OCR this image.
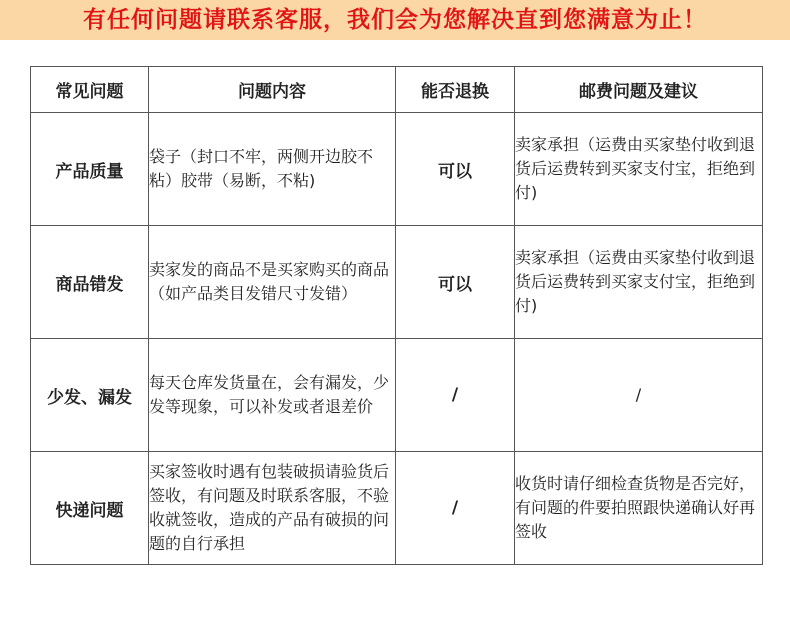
有任何问题请联系客服，我们会为您解决直到您满意为止！
常见问题	问题内容	能否退换	邮费问题及建议
产品质量	袋子（封口不牢，两侧开边胶不粘）胶带（易断，不粘)	可以	卖家承担（运费由买家垫付收到退货后运费转到买家支付宝，拒绝到付)

商品错发	卖家发的商品不是买家购买的商品（如产品类目发错尺寸发错）	可以	卖家承担（运费由买家垫付收到退货后运费转到买家支付宝，拒绝到付)

少发、漏发	每天仓库发货量在，会有漏发，少发等现象，可以补发或者退差价	/	/

快递问题	买家签收时遇有包装破损请验货后签收，有问题及时联系客服，不验收就签收，造成的产品有破损的问题的自行承担	/	收货时请仔细检查货物是否完好，有问题的件要拍照跟快递确认好再签收
